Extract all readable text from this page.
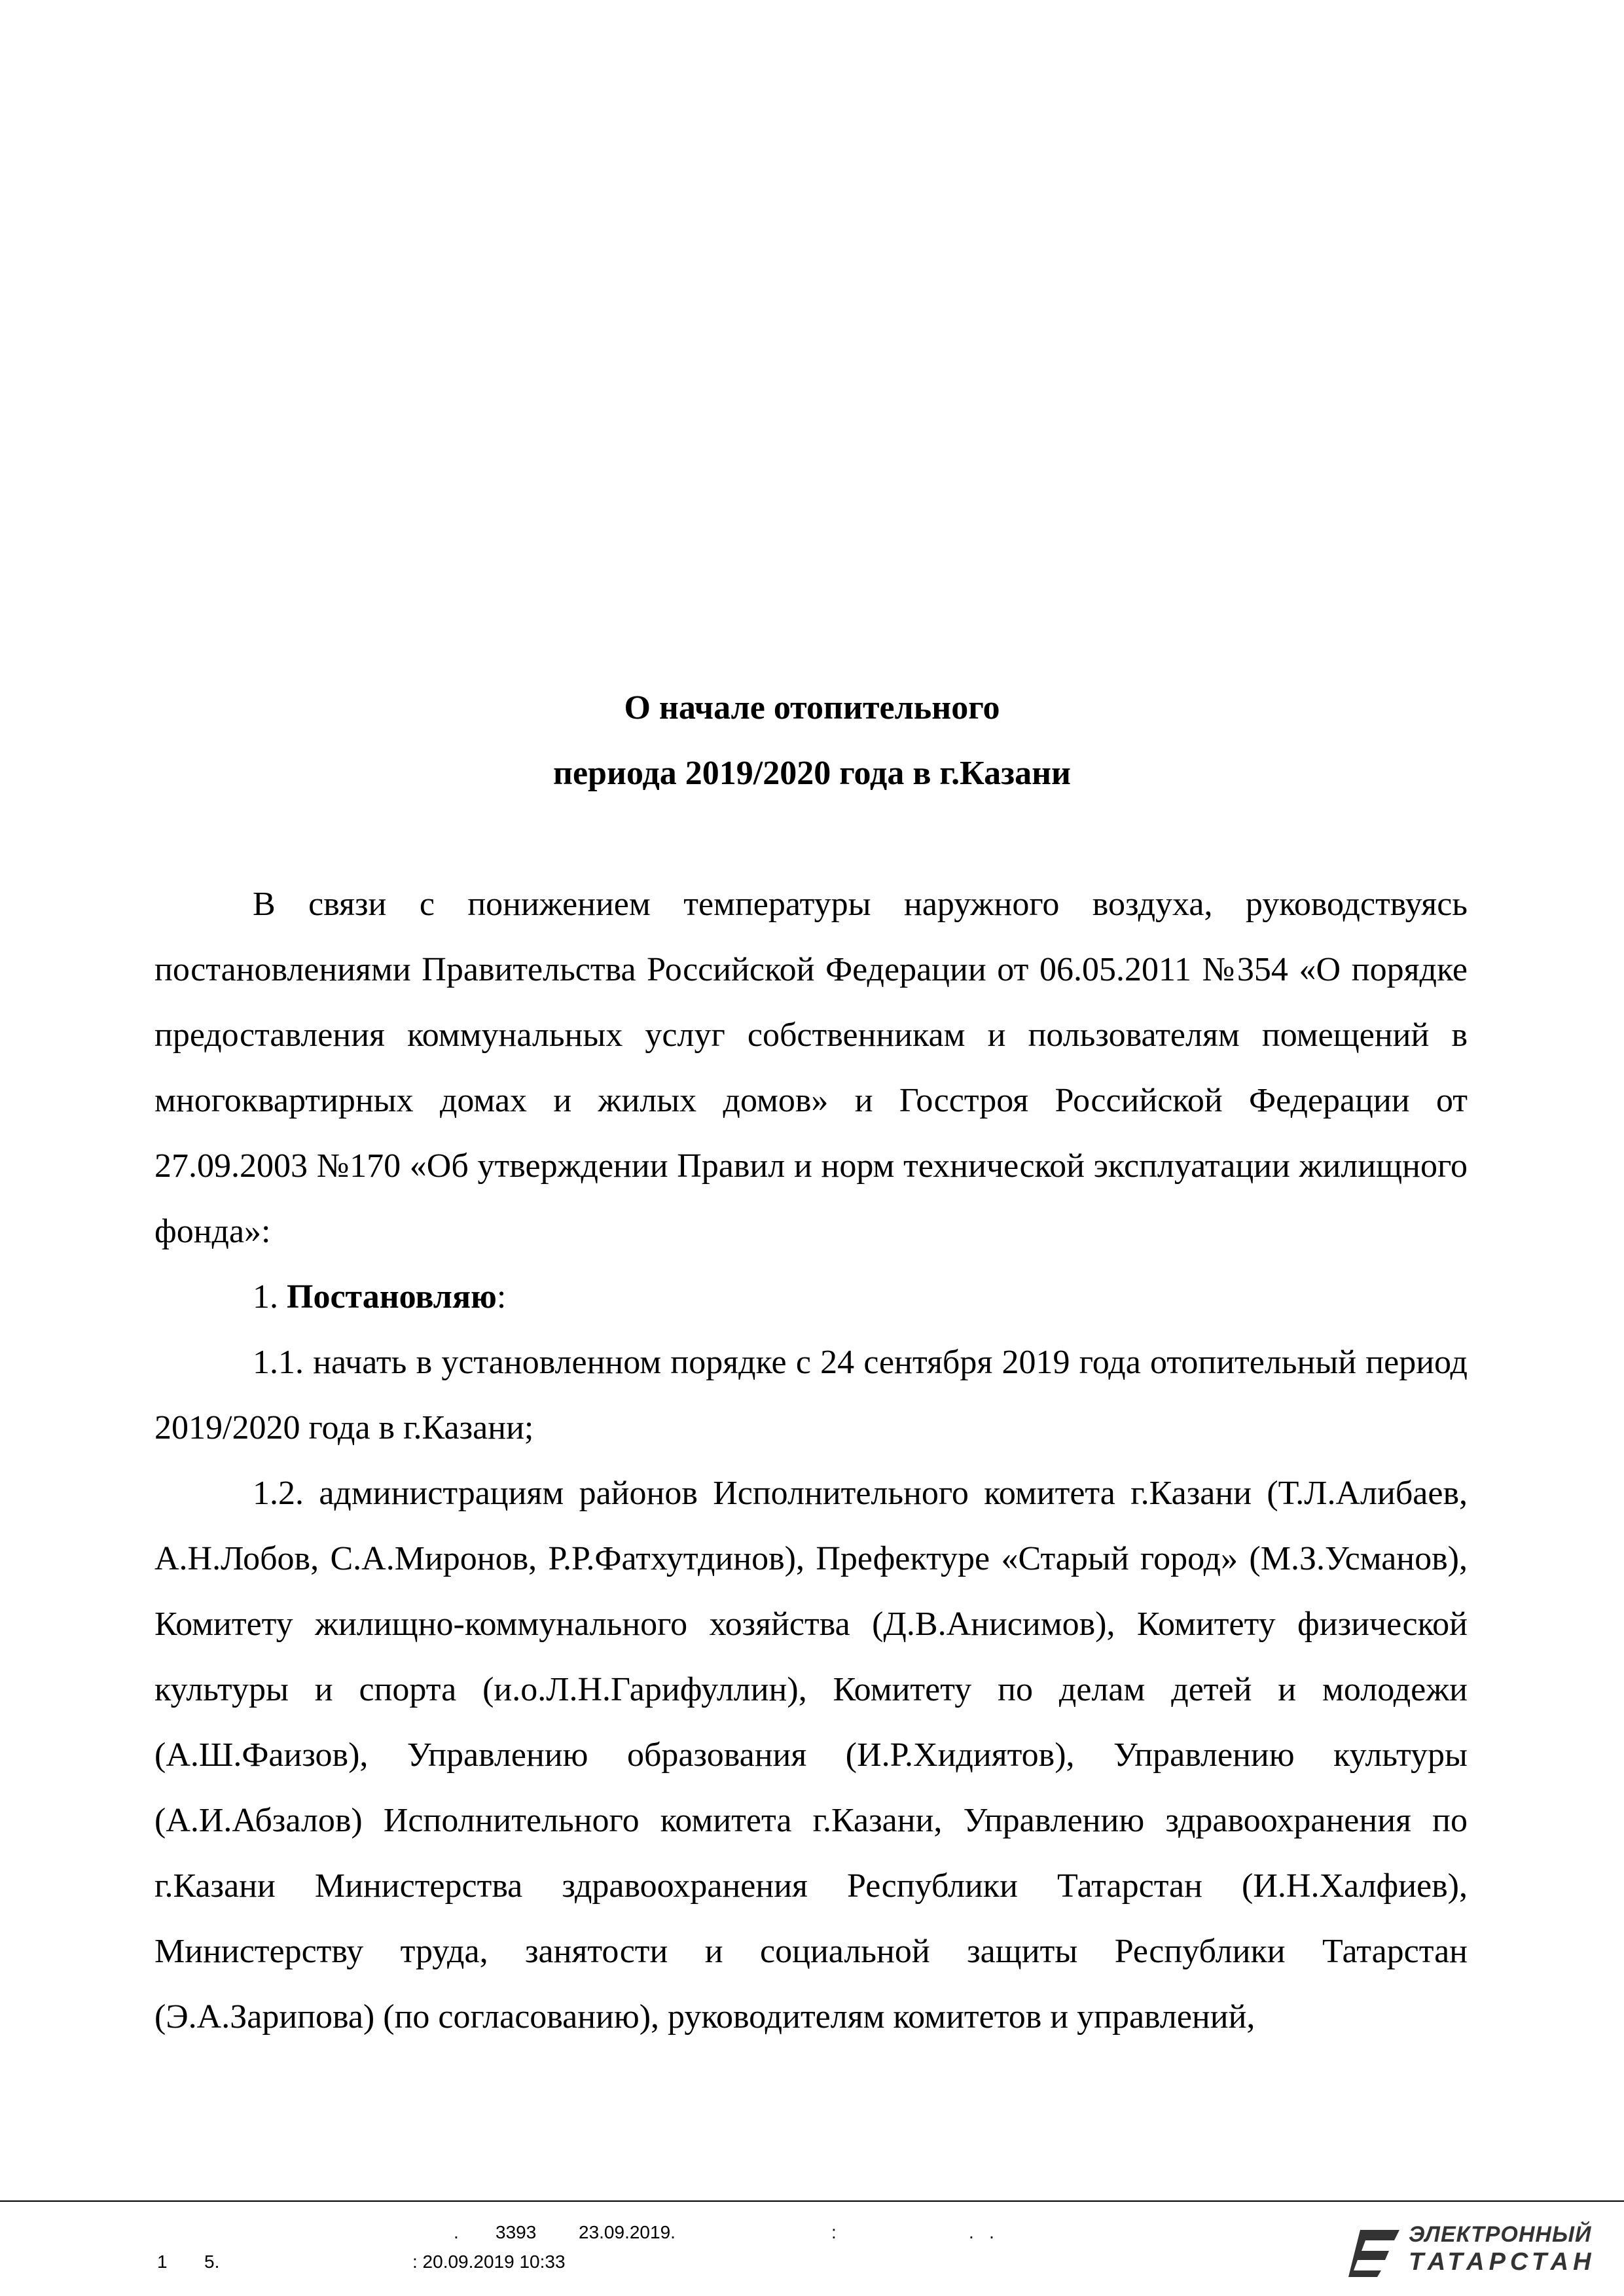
О начале отопительного
периода 2019/2020 года в г.Казани

В связи с понижением температуры наружного воздуха, руководствуясь постановлениями Правительства Российской Федерации от 06.05.2011 №354 «О порядке предоставления коммунальных услуг собственникам и пользователям помещений в многоквартирных домах и жилых домов» и Госстроя Российской Федерации от 27.09.2003 №170 «Об утверждении Правил и норм технической эксплуатации жилищного фонда»:

1. Постановляю:

1.1. начать в установленном порядке с 24 сентября 2019 года отопительный период 2019/2020 года в г.Казани;

1.2. администрациям районов Исполнительного комитета г.Казани (Т.Л.Алибаев, А.Н.Лобов, С.А.Миронов, Р.Р.Фатхутдинов), Префектуре «Старый город» (М.З.Усманов), Комитету жилищно-коммунального хозяйства (Д.В.Анисимов), Комитету физической культуры и спорта (и.о.Л.Н.Гарифуллин), Комитету по делам детей и молодежи (А.Ш.Фаизов), Управлению образования (И.Р.Хидиятов), Управлению культуры (А.И.Абзалов) Исполнительного комитета г.Казани, Управлению здравоохранения по г.Казани Министерства здравоохранения Республики Татарстан (И.Н.Халфиев), Министерству труда, занятости и социальной защиты Республики Татарстан (Э.А.Зарипова) (по согласованию), руководителям комитетов и управлений,

. 3393 23.09.2019.	:	.   .
1 5.	: 20.09.2019 10:33
ЭЛЕКТРОННЫЙ
ТАТАРСТАН
